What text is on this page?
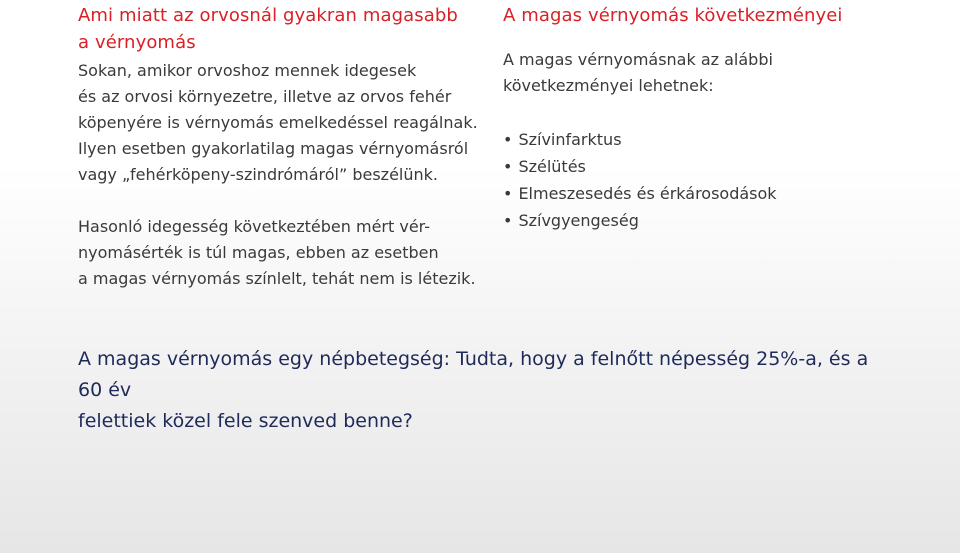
Ami miatt az orvosnál gyakran magasabb
a vérnyomás

Sokan, amikor orvoshoz mennek idegesek
és az orvosi környezetre, illetve az orvos fehér
köpenyére is vérnyomás emelkedéssel reagálnak.
Ilyen esetben gyakorlatilag magas vérnyomásról
vagy „fehérköpeny-szindrómáról” beszélünk.

Hasonló idegesség következtében mért vér-
nyomásérték is túl magas, ebben az esetben
a magas vérnyomás színlelt, tehát nem is létezik.

A magas vérnyomás következményei

A magas vérnyomásnak az alábbi
következményei lehetnek:

• Szívinfarktus
• Szélütés
• Elmeszesedés és érkárosodások
• Szívgyengeség

A magas vérnyomás egy népbetegség: Tudta, hogy a felnőtt népesség 25%-a, és a 60 év
felettiek közel fele szenved benne?
